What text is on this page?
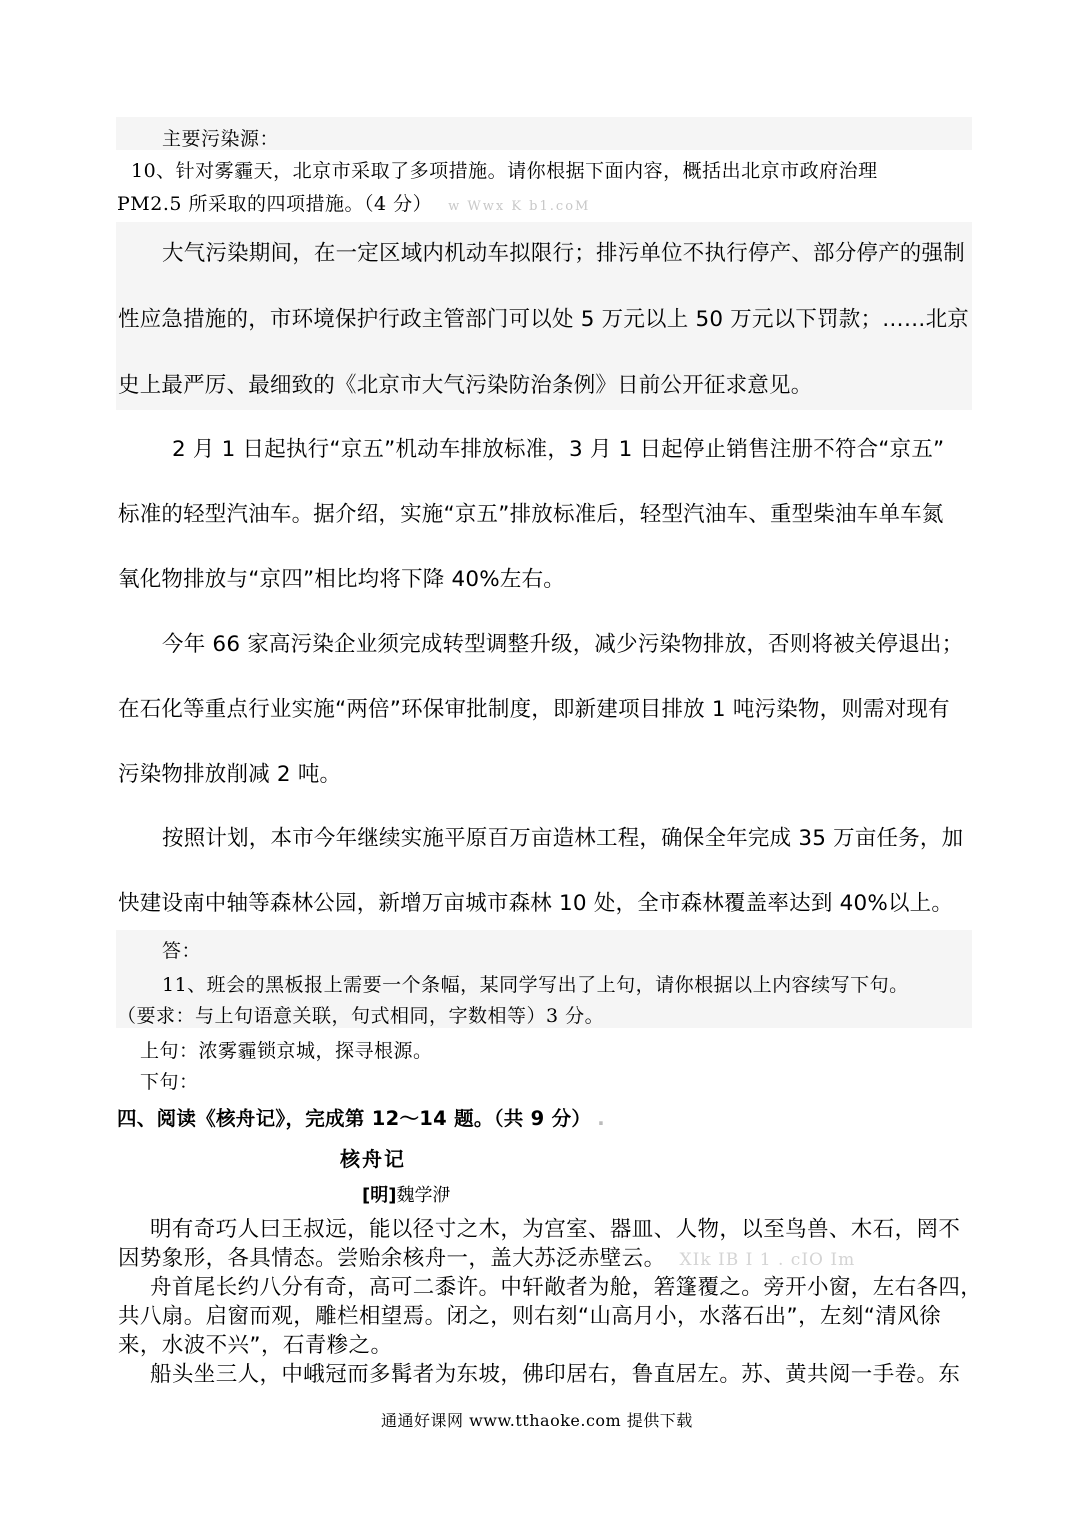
主要污染源：
10、针对雾霾天，北京市采取了多项措施。请你根据下面内容，概括出北京市政府治理
PM2.5 所采取的四项措施。（4 分） w Wwx K b1.coM
大气污染期间，在一定区域内机动车拟限行；排污单位不执行停产、部分停产的强制
性应急措施的，市环境保护行政主管部门可以处 5 万元以上 50 万元以下罚款；……北京
史上最严厉、最细致的《北京市大气污染防治条例》日前公开征求意见。
2 月 1 日起执行“京五”机动车排放标准，3 月 1 日起停止销售注册不符合“京五”
标准的轻型汽油车。据介绍，实施“京五”排放标准后，轻型汽油车、重型柴油车单车氮
氧化物排放与“京四”相比均将下降 40%左右。
今年 66 家高污染企业须完成转型调整升级，减少污染物排放，否则将被关停退出；
在石化等重点行业实施“两倍”环保审批制度，即新建项目排放 1 吨污染物，则需对现有
污染物排放削减 2 吨。
按照计划，本市今年继续实施平原百万亩造林工程，确保全年完成 35 万亩任务，加
快建设南中轴等森林公园，新增万亩城市森林 10 处，全市森林覆盖率达到 40%以上。
答：
11、班会的黑板报上需要一个条幅，某同学写出了上句，请你根据以上内容续写下句。
（要求：与上句语意关联，句式相同，字数相等）3 分。
上句：浓雾霾锁京城，探寻根源。
下句：
四、阅读《核舟记》，完成第 12～14 题。（共 9 分） .
核舟记
[明]魏学洢
明有奇巧人曰王叔远，能以径寸之木，为宫室、器皿、人物，以至鸟兽、木石，罔不
因势象形，各具情态。尝贻余核舟一，盖大苏泛赤壁云。 XIk IB I 1 . cIO Im
舟首尾长约八分有奇，高可二黍许。中轩敞者为舱，箬篷覆之。旁开小窗，左右各四，
共八扇。启窗而观，雕栏相望焉。闭之，则右刻“山高月小，水落石出”，左刻“清风徐
来，水波不兴”，石青糁之。
船头坐三人，中峨冠而多髯者为东坡，佛印居右，鲁直居左。苏、黄共阅一手卷。东
通通好课网 www.tthaoke.com 提供下载
